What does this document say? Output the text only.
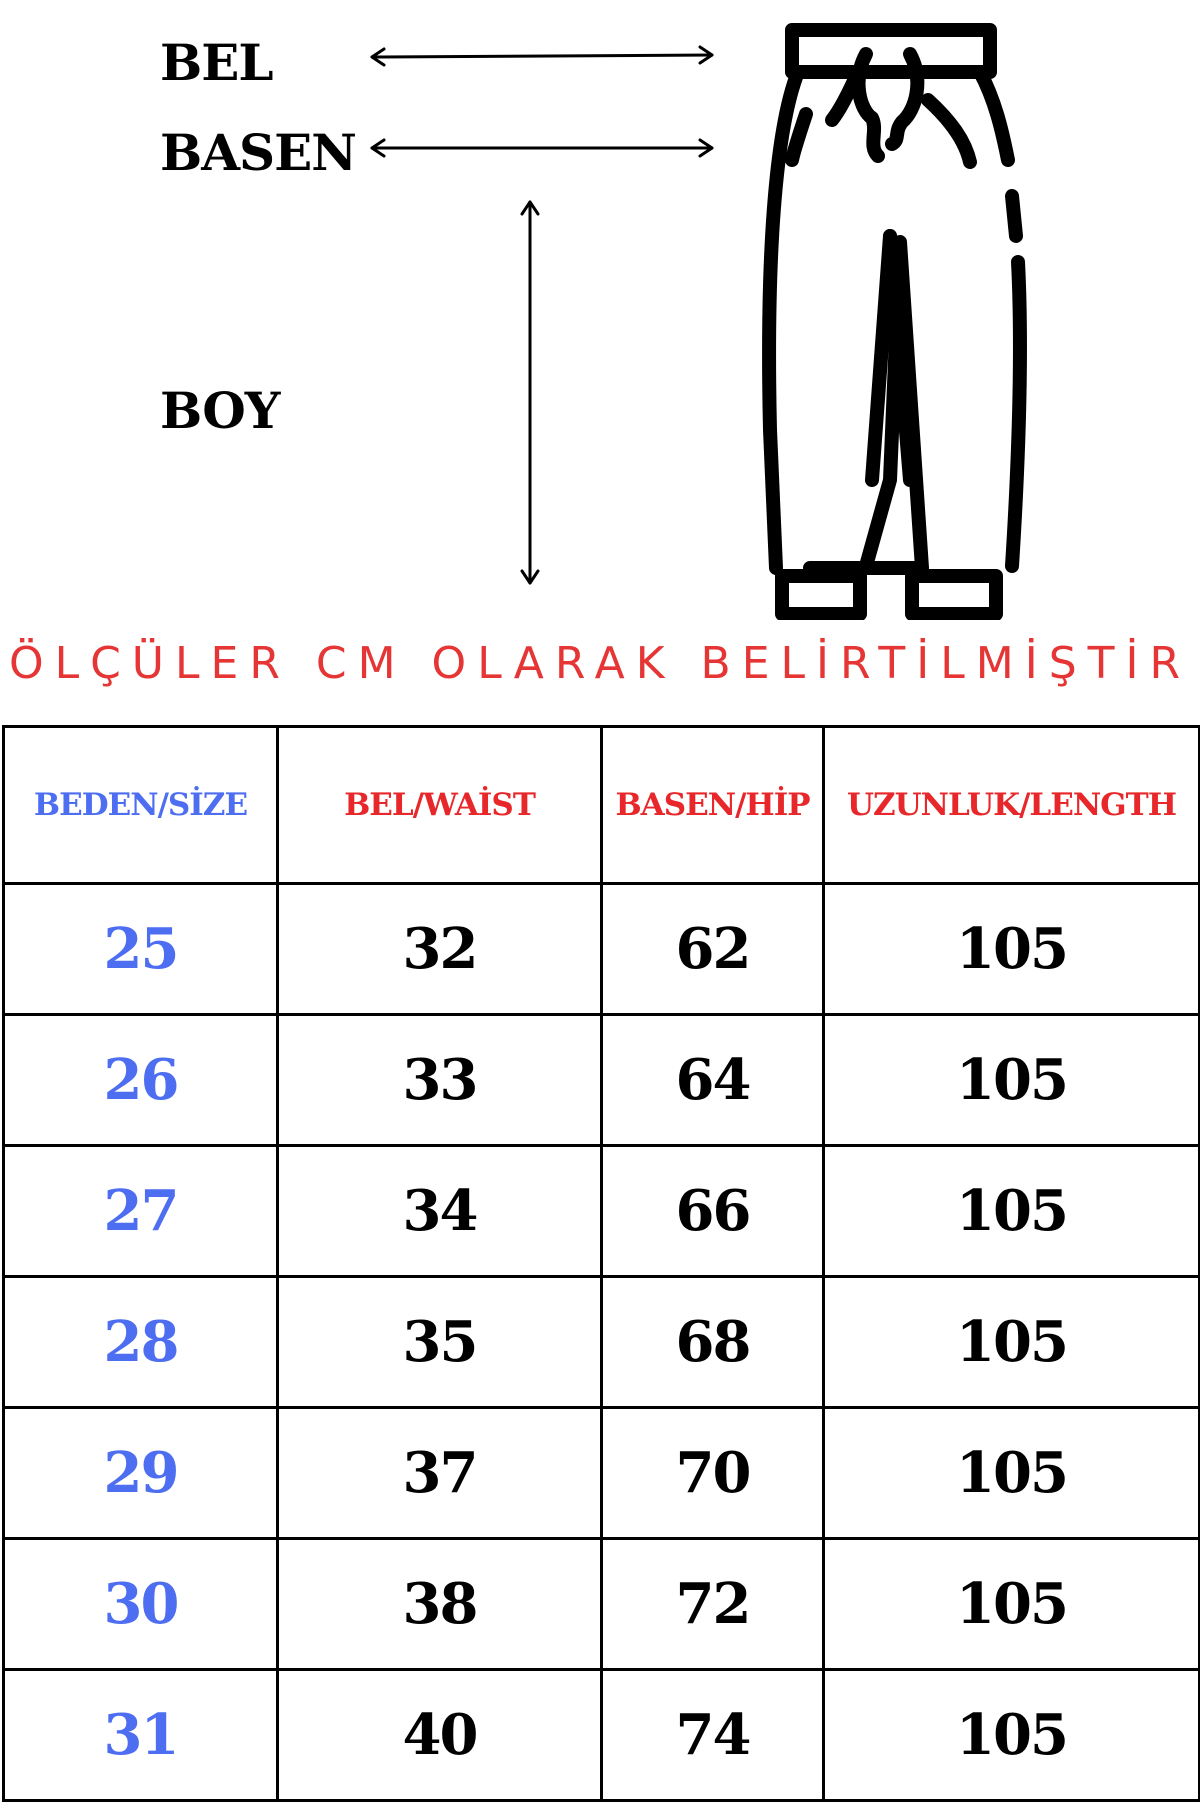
BEL
BASEN
BOY
ÖLÇÜLER CM OLARAK BELİRTİLMİŞTİR
BEDEN/SİZE	BEL/WAİST	BASEN/HİP	UZUNLUK/LENGTH
25	32	62	105
26	33	64	105
27	34	66	105
28	35	68	105
29	37	70	105
30	38	72	105
31	40	74	105
